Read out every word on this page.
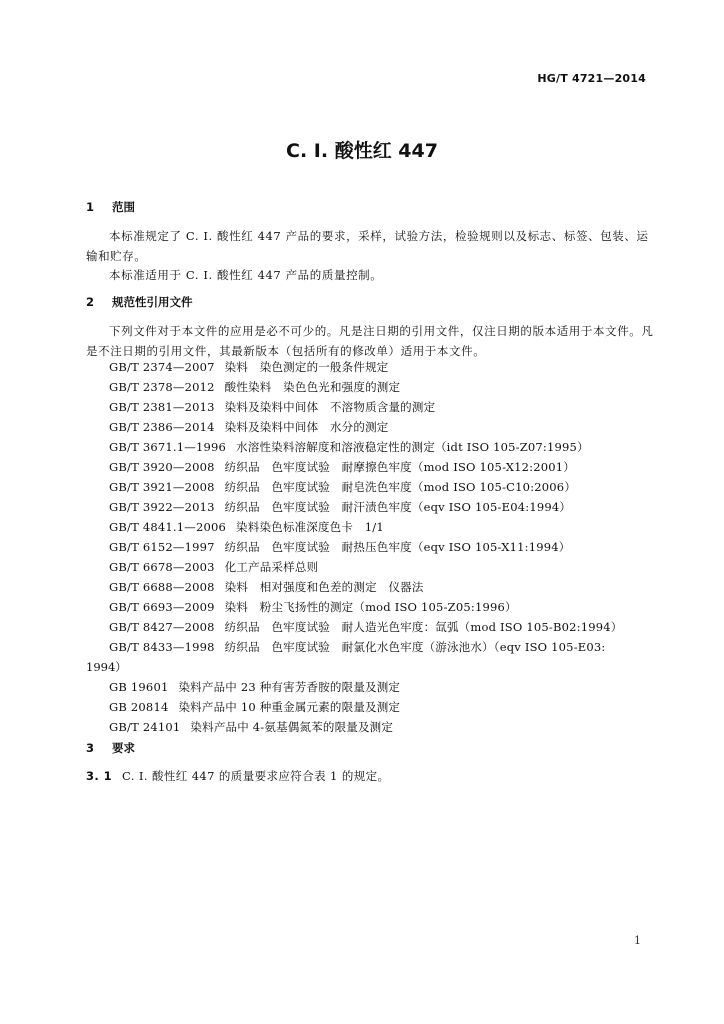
HG/T 4721—2014
C. I. 酸性红 447
1 范围
本标准规定了 C. I. 酸性红 447 产品的要求，采样，试验方法，检验规则以及标志、标签、包装、运输和贮存。
本标准适用于 C. I. 酸性红 447 产品的质量控制。
2 规范性引用文件
下列文件对于本文件的应用是必不可少的。凡是注日期的引用文件，仅注日期的版本适用于本文件。凡是不注日期的引用文件，其最新版本（包括所有的修改单）适用于本文件。
GB/T 2374—2007 染料　染色测定的一般条件规定
GB/T 2378—2012 酸性染料　染色色光和强度的测定
GB/T 2381—2013 染料及染料中间体　不溶物质含量的测定
GB/T 2386—2014 染料及染料中间体　水分的测定
GB/T 3671.1—1996 水溶性染料溶解度和溶液稳定性的测定（idt ISO 105-Z07:1995）
GB/T 3920—2008 纺织品　色牢度试验　耐摩擦色牢度（mod ISO 105-X12:2001）
GB/T 3921—2008 纺织品　色牢度试验　耐皂洗色牢度（mod ISO 105-C10:2006）
GB/T 3922—2013 纺织品　色牢度试验　耐汗渍色牢度（eqv ISO 105-E04:1994）
GB/T 4841.1—2006 染料染色标准深度色卡　1/1
GB/T 6152—1997 纺织品　色牢度试验　耐热压色牢度（eqv ISO 105-X11:1994）
GB/T 6678—2003 化工产品采样总则
GB/T 6688—2008 染料　相对强度和色差的测定　仪器法
GB/T 6693—2009 染料　粉尘飞扬性的测定（mod ISO 105-Z05:1996）
GB/T 8427—2008 纺织品　色牢度试验　耐人造光色牢度：氙弧（mod ISO 105-B02:1994）
GB/T 8433—1998 纺织品　色牢度试验　耐氯化水色牢度（游泳池水）（eqv ISO 105-E03:
1994）
GB 19601 染料产品中 23 种有害芳香胺的限量及测定
GB 20814 染料产品中 10 种重金属元素的限量及测定
GB/T 24101 染料产品中 4-氨基偶氮苯的限量及测定
3 要求
3. 1 C. I. 酸性红 447 的质量要求应符合表 1 的规定。
1
